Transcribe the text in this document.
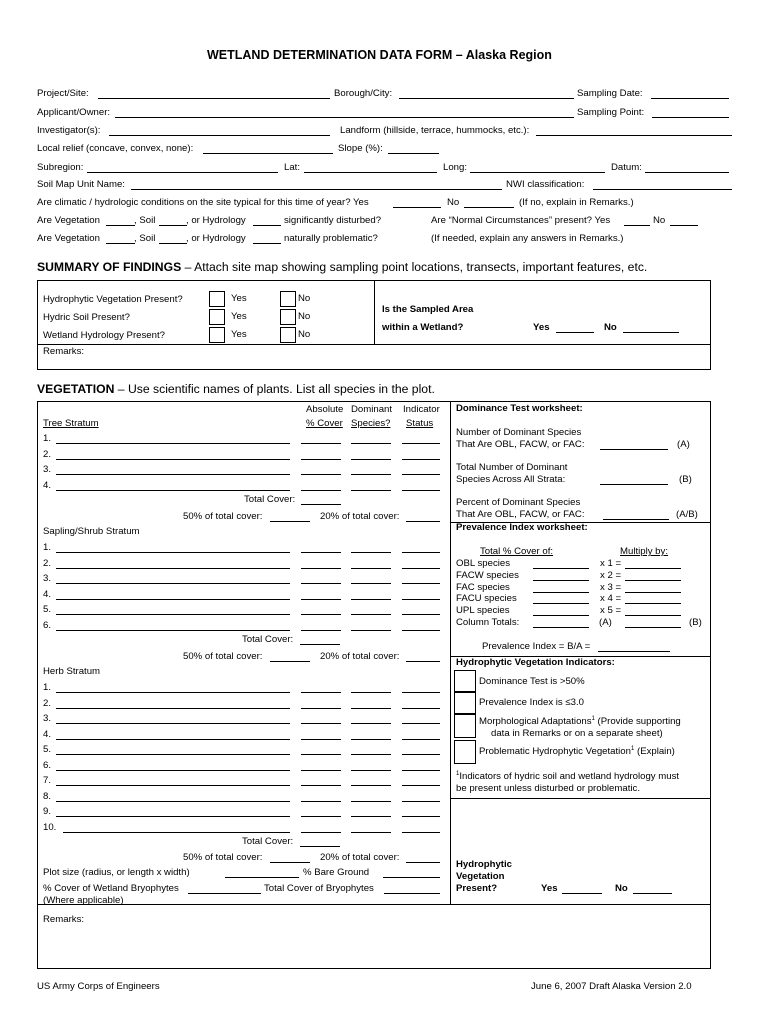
WETLAND DETERMINATION DATA FORM – Alaska Region
Project/Site:	Borough/City:	Sampling Date:
Applicant/Owner:	Sampling Point:
Investigator(s):	Landform (hillside, terrace, hummocks, etc.):
Local relief (concave, convex, none):	Slope (%):
Subregion:	Lat:	Long:	Datum:
Soil Map Unit Name:	NWI classification:
Are climatic / hydrologic conditions on the site typical for this time of year? Yes	No	(If no, explain in Remarks.)
Are Vegetation	, Soil	, or Hydrology	significantly disturbed?	Are “Normal Circumstances” present? Yes	No
Are Vegetation	, Soil	, or Hydrology	naturally problematic?	(If needed, explain any answers in Remarks.)
SUMMARY OF FINDINGS – Attach site map showing sampling point locations, transects, important features, etc.
Hydrophytic Vegetation Present?	Yes	No
Hydric Soil Present?	Yes	No
Wetland Hydrology Present?	Yes	No
Remarks:
Is the Sampled Area
within a Wetland?	Yes	No
VEGETATION – Use scientific names of plants. List all species in the plot.
Absolute
% Cover
Dominant
Species?
Indicator
Status
Tree Stratum
1.
2.
3.
4.
Total Cover:
50% of total cover:	20% of total cover:
Sapling/Shrub Stratum
1.
2.
3.
4.
5.
6.
Total Cover:
50% of total cover:	20% of total cover:
Herb Stratum
1.
2.
3.
4.
5.
6.
7.
8.
9.
10.
Total Cover:
50% of total cover:	20% of total cover:
Plot size (radius, or length x width)	% Bare Ground
% Cover of Wetland Bryophytes	Total Cover of Bryophytes
(Where applicable)
Remarks:
Dominance Test worksheet:
Number of Dominant Species
That Are OBL, FACW, or FAC:	(A)
Total Number of Dominant
Species Across All Strata:	(B)
Percent of Dominant Species
That Are OBL, FACW, or FAC:	(A/B)
Prevalence Index worksheet:
Total % Cover of:	Multiply by:
OBL species	x 1 =
FACW species	x 2 =
FAC species	x 3 =
FACU species	x 4 =
UPL species	x 5 =
Column Totals:	(A)	(B)
Prevalence Index = B/A =
Hydrophytic Vegetation Indicators:
Dominance Test is >50%
Prevalence Index is ≤3.0
Morphological Adaptations$^1$ (Provide supporting
data in Remarks or on a separate sheet)
Problematic Hydrophytic Vegetation$^1$ (Explain)
$^1$Indicators of hydric soil and wetland hydrology must
be present unless disturbed or problematic.
Hydrophytic
Vegetation
Present?	Yes	No
US Army Corps of Engineers	June 6, 2007 Draft Alaska Version 2.0
